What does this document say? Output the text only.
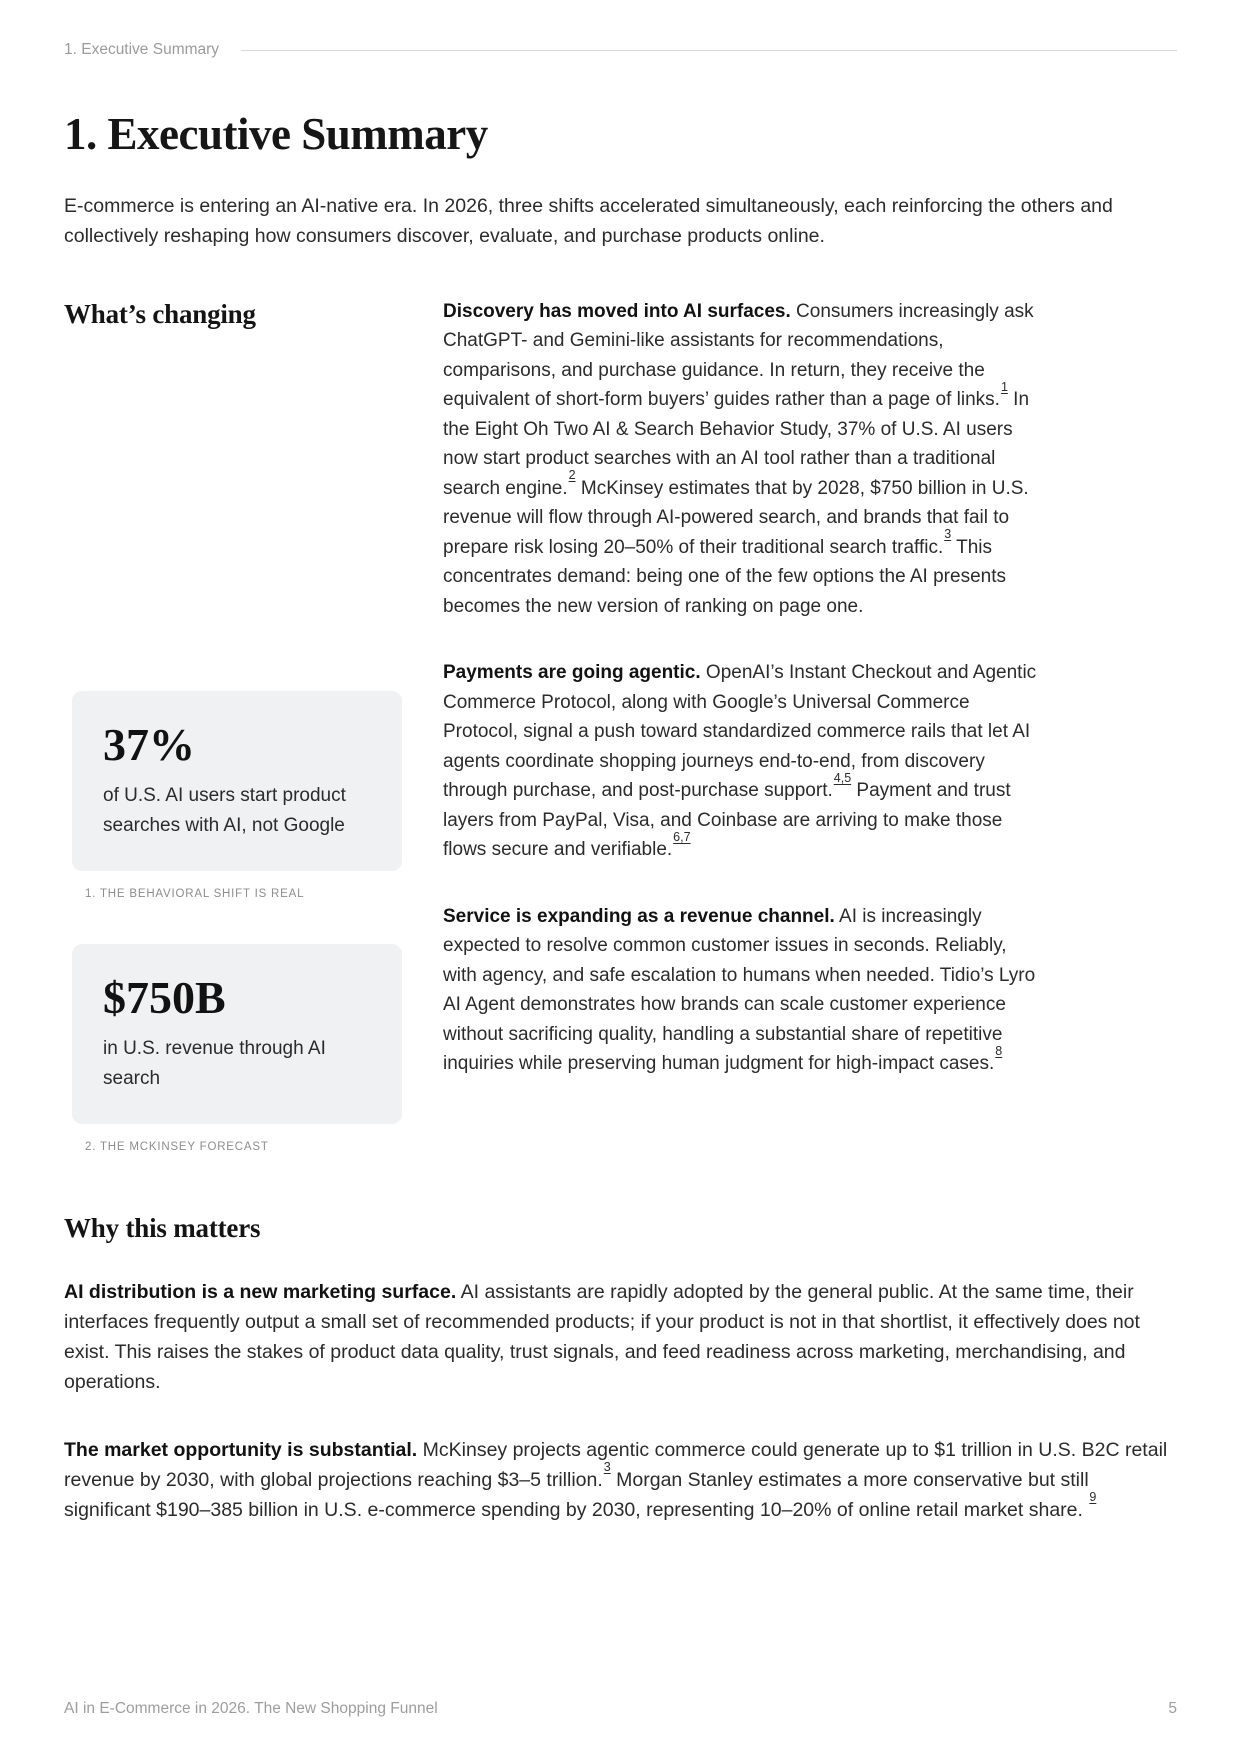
1. Executive Summary
1. Executive Summary

E-commerce is entering an AI-native era. In 2026, three shifts accelerated simultaneously, each reinforcing the others and collectively reshaping how consumers discover, evaluate, and purchase products online.

What’s changing
37%
of U.S. AI users start product searches with AI, not Google
1. THE BEHAVIORAL SHIFT IS REAL
$750B
in U.S. revenue through AI search
2. THE MCKINSEY FORECAST

Discovery has moved into AI surfaces. Consumers increasingly ask ChatGPT- and Gemini-like assistants for recommendations, comparisons, and purchase guidance. In return, they receive the equivalent of short-form buyers’ guides rather than a page of links.$^1$ In the Eight Oh Two AI & Search Behavior Study, 37% of U.S. AI users now start product searches with an AI tool rather than a traditional search engine.$^2$ McKinsey estimates that by 2028, $750 billion in U.S. revenue will flow through AI-powered search, and brands that fail to prepare risk losing 20–50% of their traditional search traffic.$^3$ This concentrates demand: being one of the few options the AI presents becomes the new version of ranking on page one.

Payments are going agentic. OpenAI’s Instant Checkout and Agentic Commerce Protocol, along with Google’s Universal Commerce Protocol, signal a push toward standardized commerce rails that let AI agents coordinate shopping journeys end-to-end, from discovery through purchase, and post-purchase support.$^{4,5}$ Payment and trust layers from PayPal, Visa, and Coinbase are arriving to make those flows secure and verifiable.$^{6,7}$

Service is expanding as a revenue channel. AI is increasingly expected to resolve common customer issues in seconds. Reliably, with agency, and safe escalation to humans when needed. Tidio’s Lyro AI Agent demonstrates how brands can scale customer experience without sacrificing quality, handling a substantial share of repetitive inquiries while preserving human judgment for high-impact cases.$^8$

Why this matters

AI distribution is a new marketing surface. AI assistants are rapidly adopted by the general public. At the same time, their interfaces frequently output a small set of recommended products; if your product is not in that shortlist, it effectively does not exist. This raises the stakes of product data quality, trust signals, and feed readiness across marketing, merchandising, and operations.

The market opportunity is substantial. McKinsey projects agentic commerce could generate up to $1 trillion in U.S. B2C retail revenue by 2030, with global projections reaching $3–5 trillion.$^3$ Morgan Stanley estimates a more conservative but still significant $190–385 billion in U.S. e-commerce spending by 2030, representing 10–20% of online retail market share. $^9$

AI in E-Commerce in 2026. The New Shopping Funnel	5
